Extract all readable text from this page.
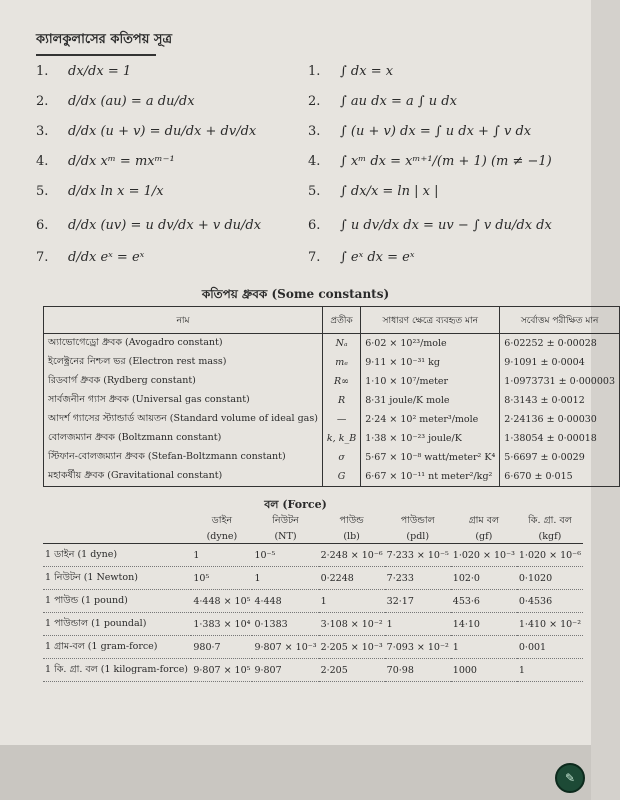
ক্যালকুলাসের কতিপয় সূত্র
1.	dx/dx = 1
2.	d/dx (au) = a du/dx
3.	d/dx (u + v) = du/dx + dv/dx
4.	d/dx xᵐ = mxᵐ⁻¹
5.	d/dx ln x = 1/x
6.	d/dx (uv) = u dv/dx + v du/dx
7.	d/dx eˣ = eˣ
1.	∫ dx = x
2.	∫ au dx = a ∫ u dx
3.	∫ (u + v) dx = ∫ u dx + ∫ v dx
4.	∫ xᵐ dx = xᵐ⁺¹/(m + 1) (m ≠ −1)
5.	∫ dx/x = ln | x |
6.	∫ u dv/dx dx = uv − ∫ v du/dx dx
7.	∫ eˣ dx = eˣ
কতিপয় ধ্রুবক (Some constants)
নাম	প্রতীক	সাধারণ ক্ষেত্রে ব্যবহৃত মান	সর্বোত্তম পরীক্ষিত মান
অ্যাভোগেড্রো ধ্রুবক (Avogadro constant)	Nₐ	6·02 × 10²³/mole	6·02252 ± 0·00028
ইলেক্ট্রনের নিশ্চল ভর (Electron rest mass)	mₑ	9·11 × 10⁻³¹ kg	9·1091 ± 0·0004
রিডবার্গ ধ্রুবক (Rydberg constant)	R∞	1·10 × 10⁷/meter	1·0973731 ± 0·000003
সার্বজনীন গ্যাস ধ্রুবক (Universal gas constant)	R	8·31 joule/K mole	8·3143 ± 0·0012
আদর্শ গ্যাসের স্ট্যান্ডার্ড আয়তন (Standard volume of ideal gas)	—	2·24 × 10² meter³/mole	2·24136 ± 0·00030
বোলজম্যান ধ্রুবক (Boltzmann constant)	k, k_B	1·38 × 10⁻²³ joule/K	1·38054 ± 0·00018
স্টিফান-বোলজম্যান ধ্রুবক (Stefan-Boltzmann constant)	σ	5·67 × 10⁻⁸ watt/meter² K⁴	5·6697 ± 0·0029
মহাকর্ষীয় ধ্রুবক (Gravitational constant)	G	6·67 × 10⁻¹¹ nt meter²/kg²	6·670 ± 0·015
বল (Force)
	ডাইন	নিউটন	পাউন্ড	পাউন্ডাল	গ্রাম বল	কি. গ্রা. বল
	(dyne)	(NT)	(lb)	(pdl)	(gf)	(kgf)
1 ডাইন (1 dyne)	1	10⁻⁵	2·248 × 10⁻⁶	7·233 × 10⁻⁵	1·020 × 10⁻³	1·020 × 10⁻⁶
1 নিউটন (1 Newton)	10⁵	1	0·2248	7·233	102·0	0·1020
1 পাউন্ড (1 pound)	4·448 × 10⁵	4·448	1	32·17	453·6	0·4536
1 পাউন্ডাল (1 poundal)	1·383 × 10⁴	0·1383	3·108 × 10⁻²	1	14·10	1·410 × 10⁻²
1 গ্রাম-বল (1 gram-force)	980·7	9·807 × 10⁻³	2·205 × 10⁻³	7·093 × 10⁻²	1	0·001
1 কি. গ্রা. বল (1 kilogram-force)	9·807 × 10⁵	9·807	2·205	70·98	1000	1
✎
